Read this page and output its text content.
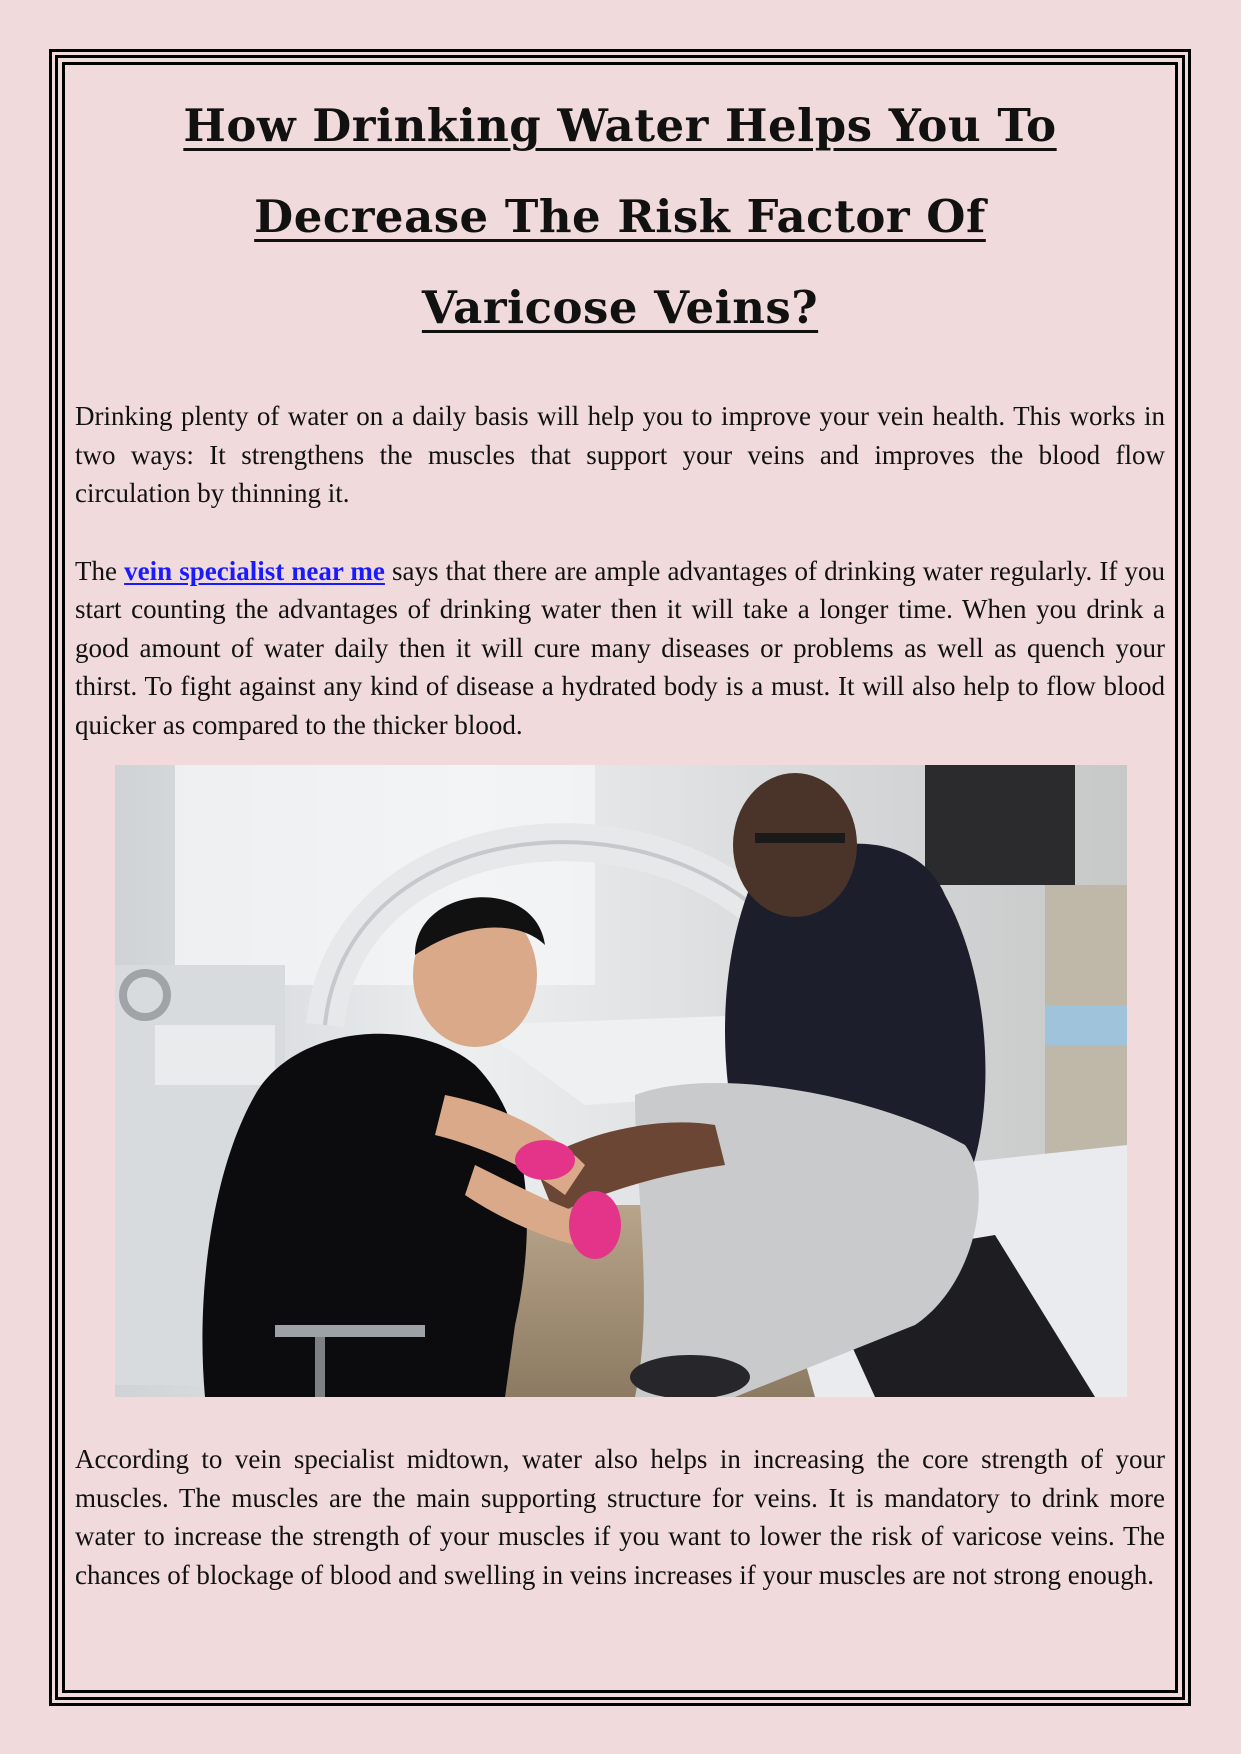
How Drinking Water Helps You To
Decrease The Risk Factor Of
Varicose Veins?

Drinking plenty of water on a daily basis will help you to improve your vein health. This works in two ways: It strengthens the muscles that support your veins and improves the blood flow circulation by thinning it.

The vein specialist near me says that there are ample advantages of drinking water regularly. If you start counting the advantages of drinking water then it will take a longer time. When you drink a good amount of water daily then it will cure many diseases or problems as well as quench your thirst. To fight against any kind of disease a hydrated body is a must. It will also help to flow blood quicker as compared to the thicker blood.

According to vein specialist midtown, water also helps in increasing the core strength of your muscles. The muscles are the main supporting structure for veins. It is mandatory to drink more water to increase the strength of your muscles if you want to lower the risk of varicose veins. The chances of blockage of blood and swelling in veins increases if your muscles are not strong enough.
